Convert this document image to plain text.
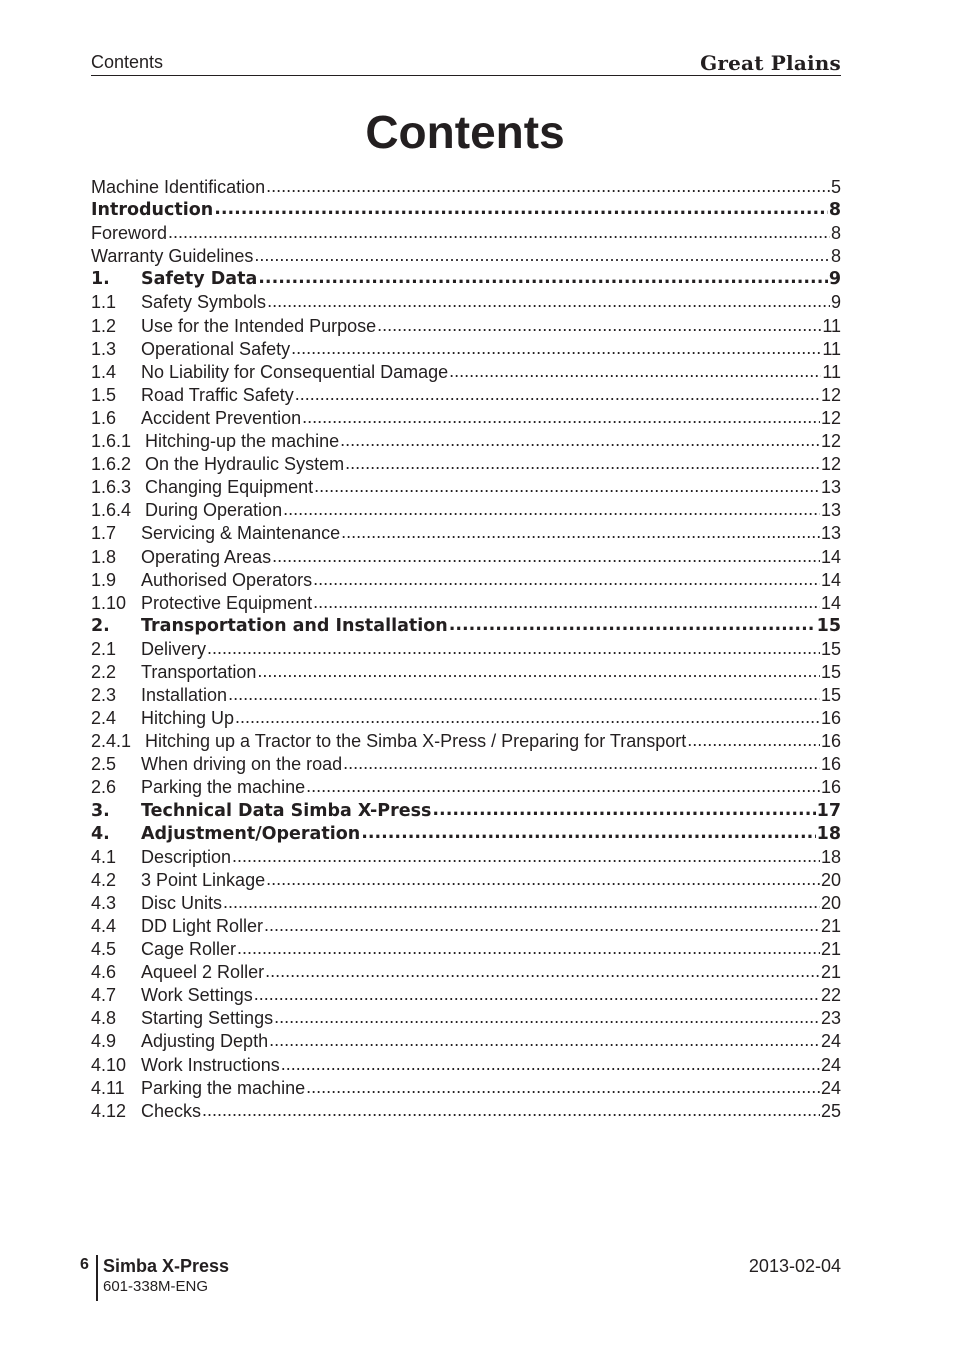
Contents	Great Plains
Contents
Machine Identification .....	5
Introduction .....	8
Foreword .....	8
Warranty Guidelines .....	8
1.	Safety Data .....	9
1.1	Safety Symbols .....	9
1.2	Use for the Intended Purpose .....	11
1.3	Operational Safety .....	11
1.4	No Liability for Consequential Damage .....	11
1.5	Road Traffic Safety .....	12
1.6	Accident Prevention .....	12
1.6.1 Hitching-up the machine .....	12
1.6.2 On the Hydraulic System .....	12
1.6.3 Changing Equipment .....	13
1.6.4 During Operation .....	13
1.7	Servicing & Maintenance .....	13
1.8	Operating Areas .....	14
1.9	Authorised Operators .....	14
1.10 Protective Equipment .....	14
2.	Transportation and Installation .....	15
2.1	Delivery .....	15
2.2	Transportation .....	15
2.3	Installation .....	15
2.4	Hitching Up .....	16
2.4.1 Hitching up a Tractor to the Simba X-Press / Preparing for Transport .....	16
2.5	When driving on the road .....	16
2.6	Parking the machine .....	16
3.	Technical Data Simba X-Press .....	17
4.	Adjustment/Operation .....	18
4.1	Description .....	18
4.2	3 Point Linkage .....	20
4.3	Disc Units .....	20
4.4	DD Light Roller .....	21
4.5	Cage Roller .....	21
4.6	Aqueel 2 Roller .....	21
4.7	Work Settings .....	22
4.8	Starting Settings .....	23
4.9	Adjusting Depth .....	24
4.10 Work Instructions .....	24
4.11 Parking the machine .....	24
4.12 Checks .....	25
6 Simba X-Press
601-338M-ENG
2013-02-04
